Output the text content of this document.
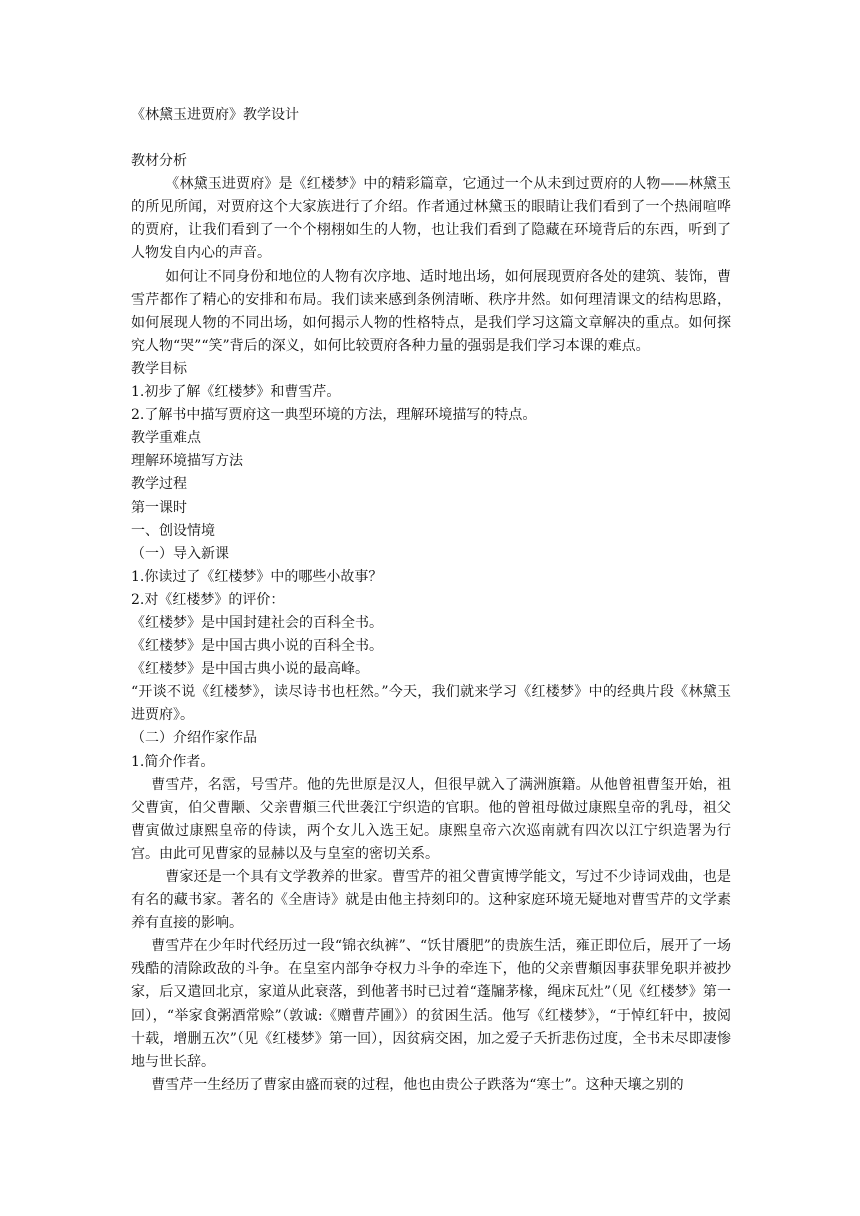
《林黛玉进贾府》教学设计

教材分析

《林黛玉进贾府》是《红楼梦》中的精彩篇章，它通过一个从未到过贾府的人物——林黛玉的所见所闻，对贾府这个大家族进行了介绍。作者通过林黛玉的眼睛让我们看到了一个热闹喧哗的贾府，让我们看到了一个个栩栩如生的人物，也让我们看到了隐藏在环境背后的东西，听到了人物发自内心的声音。

如何让不同身份和地位的人物有次序地、适时地出场，如何展现贾府各处的建筑、装饰，曹雪芹都作了精心的安排和布局。我们读来感到条例清晰、秩序井然。如何理清课文的结构思路，如何展现人物的不同出场，如何揭示人物的性格特点，是我们学习这篇文章解决的重点。如何探究人物“哭”“笑”背后的深义，如何比较贾府各种力量的强弱是我们学习本课的难点。

教学目标

1.初步了解《红楼梦》和曹雪芹。

2.了解书中描写贾府这一典型环境的方法，理解环境描写的特点。

教学重难点

理解环境描写方法

教学过程

第一课时

一、创设情境

（一）导入新课

1.你读过了《红楼梦》中的哪些小故事？

2.对《红楼梦》的评价：

《红楼梦》是中国封建社会的百科全书。

《红楼梦》是中国古典小说的百科全书。

《红楼梦》是中国古典小说的最高峰。

“开谈不说《红楼梦》，读尽诗书也枉然。”今天，我们就来学习《红楼梦》中的经典片段《林黛玉进贾府》。

（二）介绍作家作品

1.简介作者。

曹雪芹，名霑，号雪芹。他的先世原是汉人，但很早就入了满洲旗籍。从他曾祖曹玺开始，祖父曹寅，伯父曹颙、父亲曹頫三代世袭江宁织造的官职。他的曾祖母做过康熙皇帝的乳母，祖父曹寅做过康熙皇帝的侍读，两个女儿入选王妃。康熙皇帝六次巡南就有四次以江宁织造署为行宫。由此可见曹家的显赫以及与皇室的密切关系。

曹家还是一个具有文学教养的世家。曹雪芹的祖父曹寅博学能文，写过不少诗词戏曲，也是有名的藏书家。著名的《全唐诗》就是由他主持刻印的。这种家庭环境无疑地对曹雪芹的文学素养有直接的影响。

曹雪芹在少年时代经历过一段“锦衣纨裤”、“饫甘餍肥”的贵族生活，雍正即位后，展开了一场残酷的清除政敌的斗争。在皇室内部争夺权力斗争的牵连下，他的父亲曹頫因事获罪免职并被抄家，后又遣回北京，家道从此衰落，到他著书时已过着“蓬牖茅椽，绳床瓦灶”（见《红楼梦》第一回），“举家食粥酒常赊”（敦诚:《赠曹芹圃》）的贫困生活。他写《红楼梦》，“于悼红轩中，披阅十载，增删五次”（见《红楼梦》第一回），因贫病交困，加之爱子夭折悲伤过度，全书未尽即凄惨地与世长辞。

曹雪芹一生经历了曹家由盛而衰的过程，他也由贵公子跌落为“寒士”。这种天壤之别的
